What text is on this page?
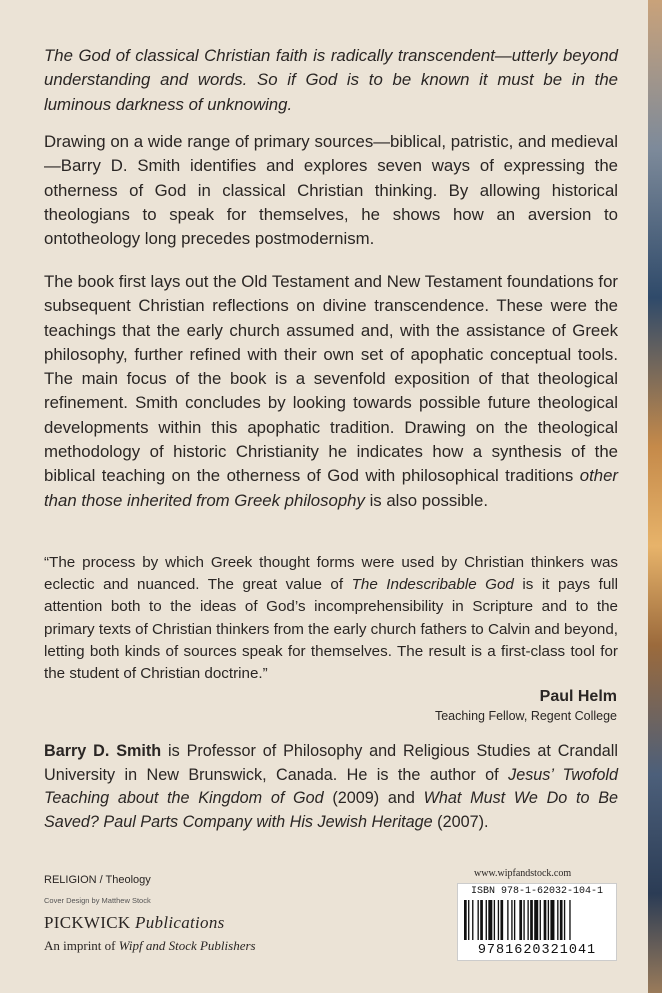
The God of classical Christian faith is radically transcendent—utterly beyond understanding and words. So if God is to be known it must be in the luminous darkness of unknowing.

Drawing on a wide range of primary sources—biblical, patristic, and medieval—Barry D. Smith identifies and explores seven ways of expressing the otherness of God in classical Christian thinking. By allowing historical theologians to speak for themselves, he shows how an aversion to ontotheology long precedes postmodernism.

The book first lays out the Old Testament and New Testament foundations for subsequent Christian reflections on divine transcendence. These were the teachings that the early church assumed and, with the assistance of Greek philosophy, further refined with their own set of apophatic conceptual tools. The main focus of the book is a sevenfold exposition of that theological refinement. Smith concludes by looking towards possible future theological developments within this apophatic tradition. Drawing on the theological methodology of historic Christianity he indicates how a synthesis of the biblical teaching on the otherness of God with philosophical traditions other than those inherited from Greek philosophy is also possible.

“The process by which Greek thought forms were used by Christian thinkers was eclectic and nuanced. The great value of The Indescribable God is it pays full attention both to the ideas of God’s incomprehensibility in Scripture and to the primary texts of Christian thinkers from the early church fathers to Calvin and beyond, letting both kinds of sources speak for themselves. The result is a first-class tool for the student of Christian doctrine.”

Paul Helm
Teaching Fellow, Regent College

Barry D. Smith is Professor of Philosophy and Religious Studies at Crandall University in New Brunswick, Canada. He is the author of Jesus’ Twofold Teaching about the Kingdom of God (2009) and What Must We Do to Be Saved? Paul Parts Company with His Jewish Heritage (2007).

RELIGION / Theology
Cover Design by Matthew Stock
PICKWICK Publications
An imprint of Wipf and Stock Publishers
www.wipfandstock.com
ISBN 978-1-62032-104-1
9781620321041
